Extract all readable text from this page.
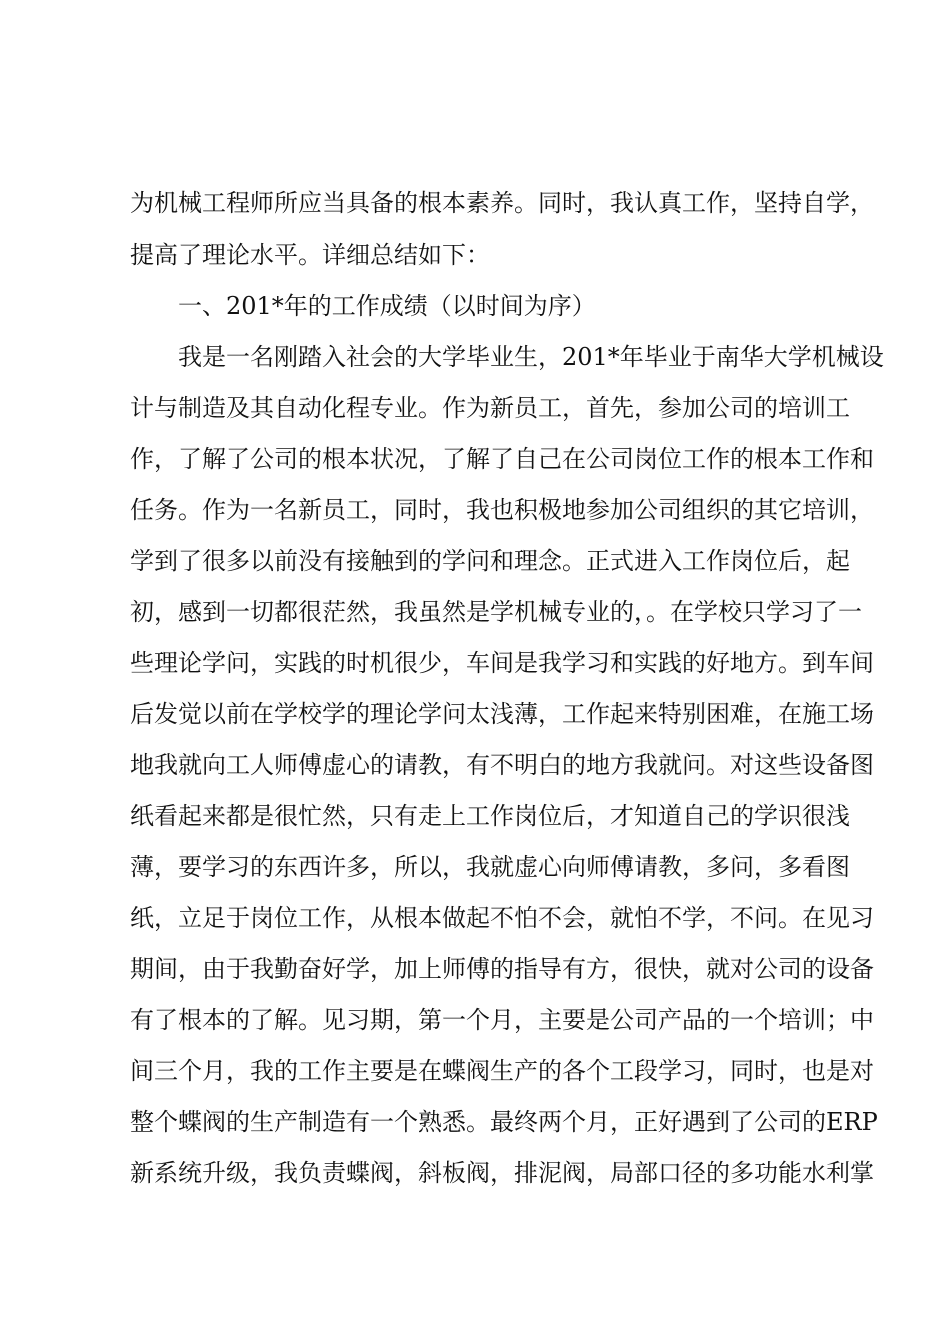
为机械工程师所应当具备的根本素养。同时，我认真工作，坚持自学，
提高了理论水平。详细总结如下：
一、201*年的工作成绩（以时间为序）
我是一名刚踏入社会的大学毕业生，201*年毕业于南华大学机械设
计与制造及其自动化程专业。作为新员工，首先，参加公司的培训工
作，了解了公司的根本状况，了解了自己在公司岗位工作的根本工作和
任务。作为一名新员工，同时，我也积极地参加公司组织的其它培训，
学到了很多以前没有接触到的学问和理念。正式进入工作岗位后，起
初，感到一切都很茫然，我虽然是学机械专业的，。在学校只学习了一
些理论学问，实践的时机很少，车间是我学习和实践的好地方。到车间
后发觉以前在学校学的理论学问太浅薄，工作起来特别困难，在施工场
地我就向工人师傅虚心的请教，有不明白的地方我就问。对这些设备图
纸看起来都是很忙然，只有走上工作岗位后，才知道自己的学识很浅
薄，要学习的东西许多，所以，我就虚心向师傅请教，多问，多看图
纸，立足于岗位工作，从根本做起不怕不会，就怕不学，不问。在见习
期间，由于我勤奋好学，加上师傅的指导有方，很快，就对公司的设备
有了根本的了解。见习期，第一个月，主要是公司产品的一个培训；中
间三个月，我的工作主要是在蝶阀生产的各个工段学习，同时，也是对
整个蝶阀的生产制造有一个熟悉。最终两个月，正好遇到了公司的ERP
新系统升级，我负责蝶阀，斜板阀，排泥阀，局部口径的多功能水利掌
